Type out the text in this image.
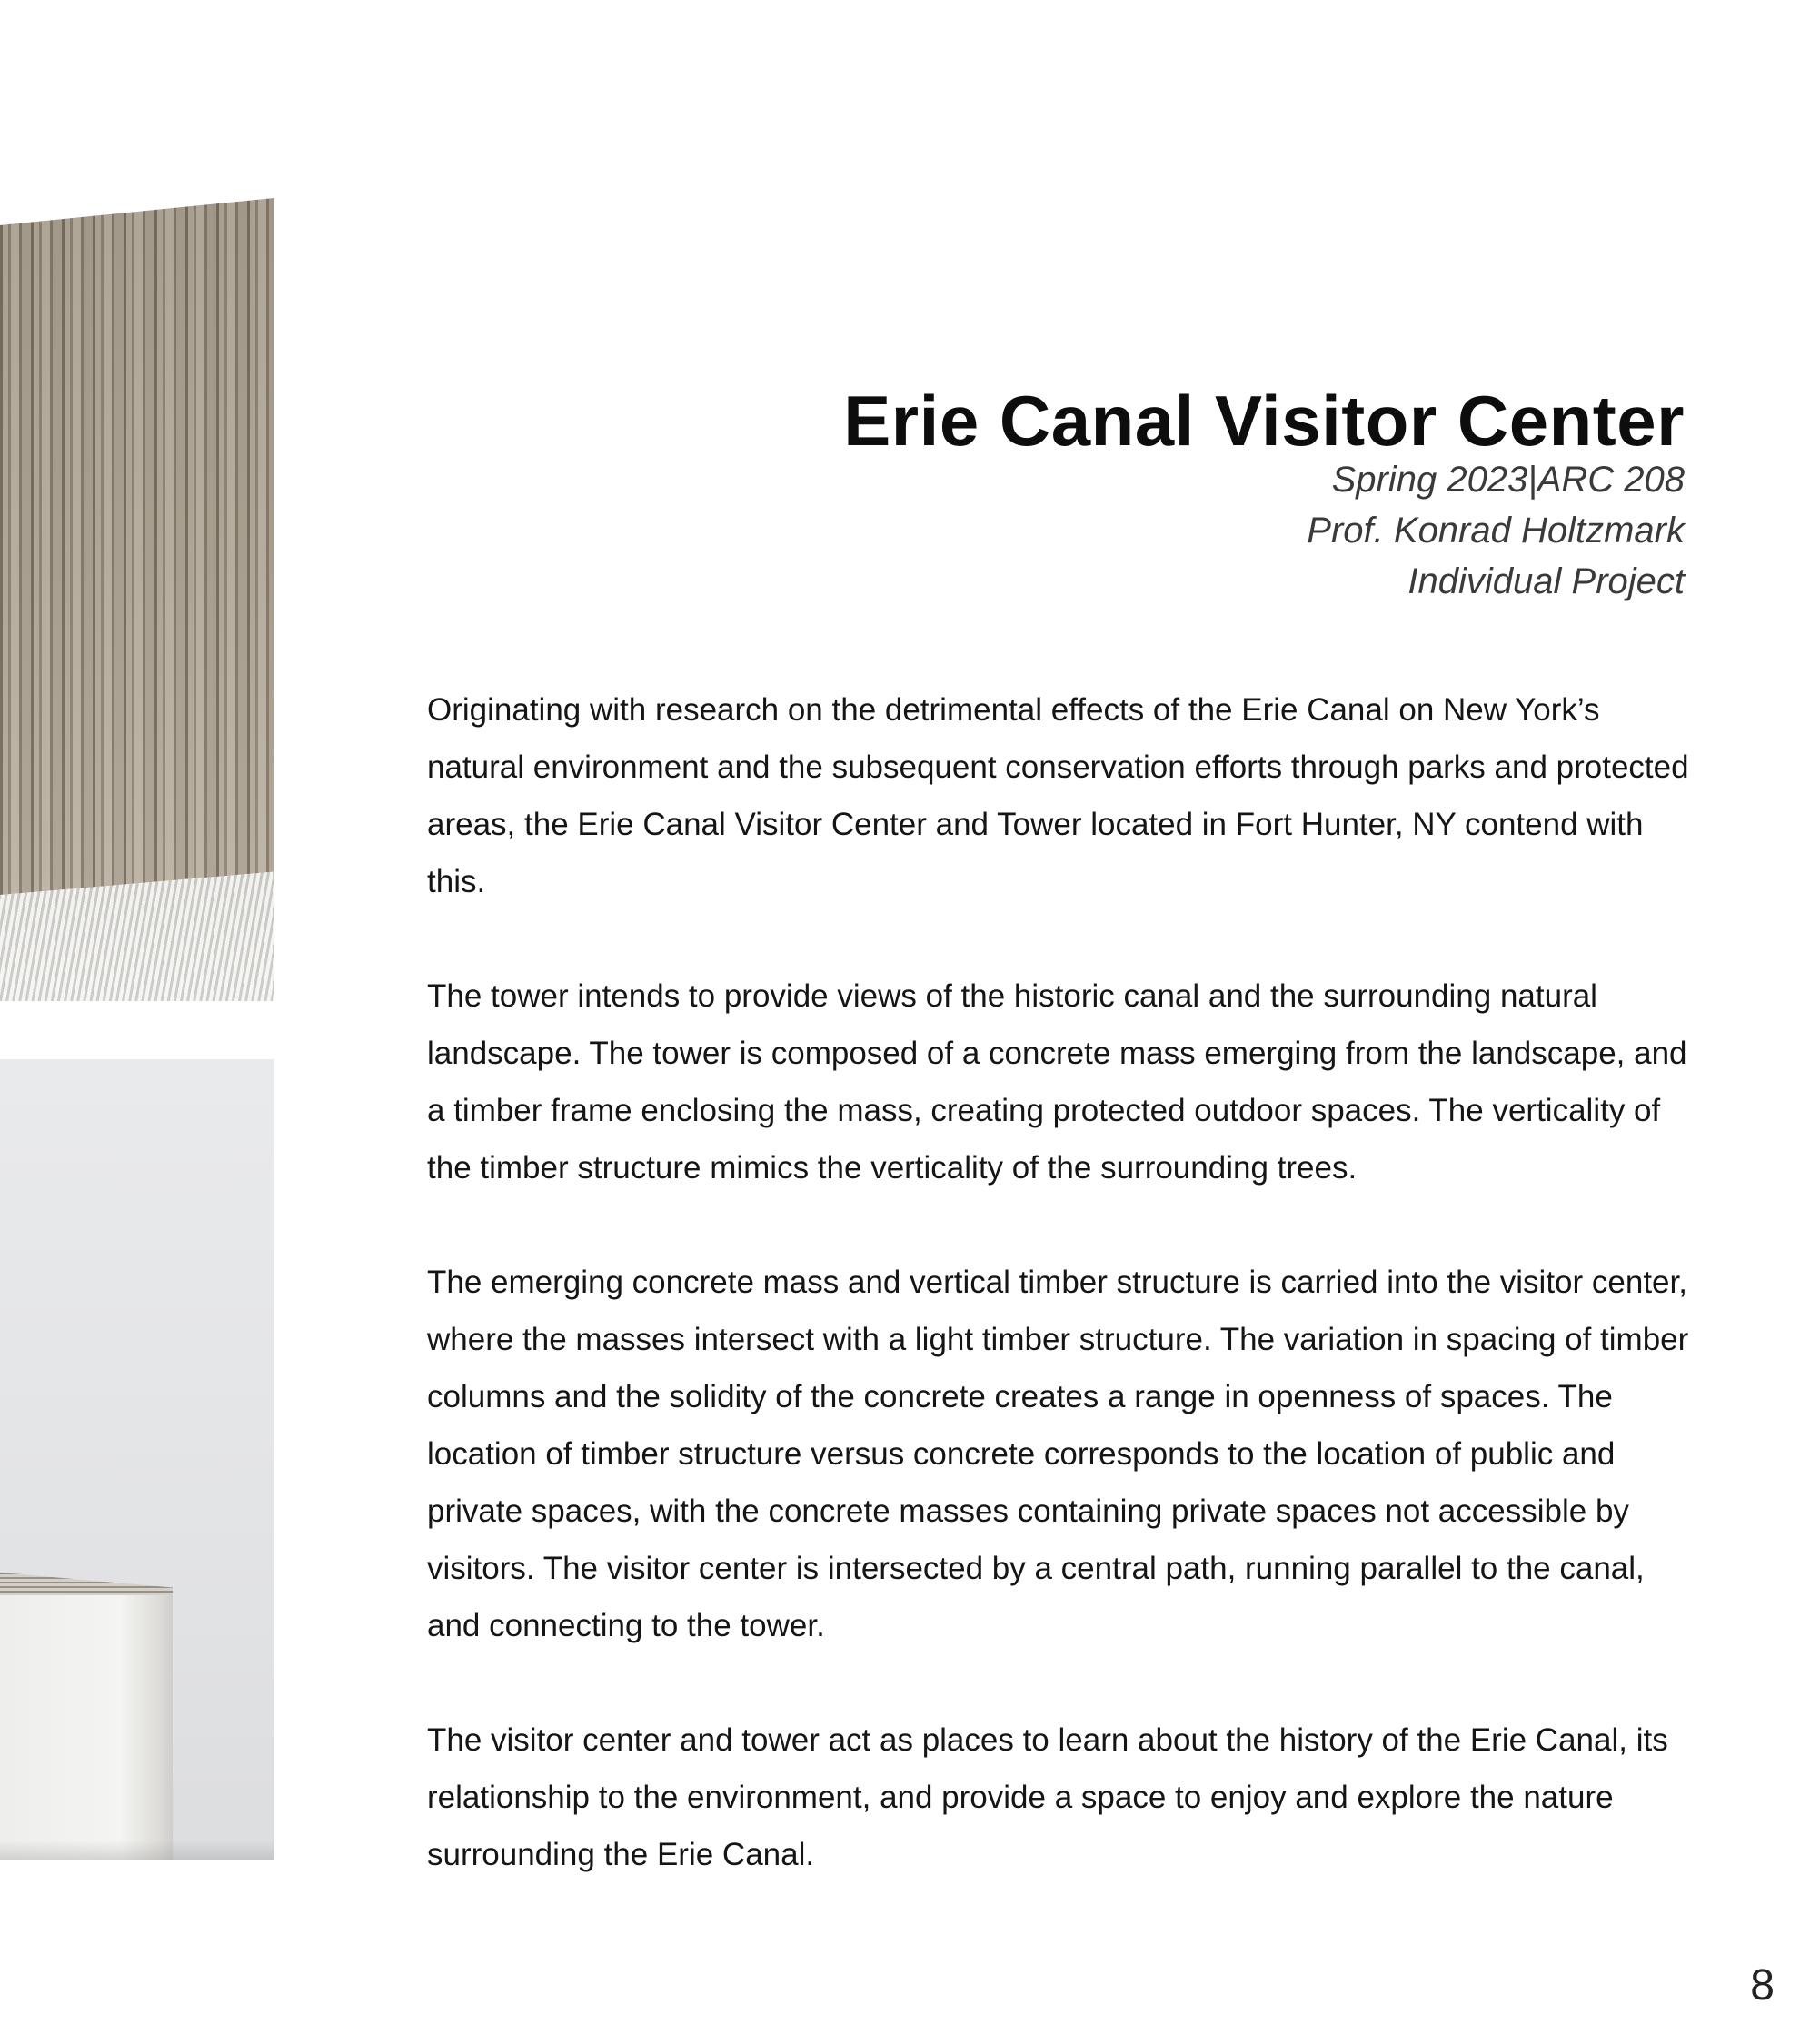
Erie Canal Visitor Center
Spring 2023|ARC 208
Prof. Konrad Holtzmark
Individual Project

Originating with research on the detrimental effects of the Erie Canal on New York’s natural environment and the subsequent conservation efforts through parks and protected areas, the Erie Canal Visitor Center and Tower located in Fort Hunter, NY contend with this.

The tower intends to provide views of the historic canal and the surrounding natural landscape. The tower is composed of a concrete mass emerging from the landscape, and a timber frame enclosing the mass, creating protected outdoor spaces. The verticality of the timber structure mimics the verticality of the surrounding trees.

The emerging concrete mass and vertical timber structure is carried into the visitor center, where the masses intersect with a light timber structure. The variation in spacing of timber columns and the solidity of the concrete creates a range in openness of spaces. The location of timber structure versus concrete corresponds to the location of public and private spaces, with the concrete masses containing private spaces not accessible by visitors. The visitor center is intersected by a central path, running parallel to the canal, and connecting to the tower.

The visitor center and tower act as places to learn about the history of the Erie Canal, its relationship to the environment, and provide a space to enjoy and explore the nature surrounding the Erie Canal.

8
